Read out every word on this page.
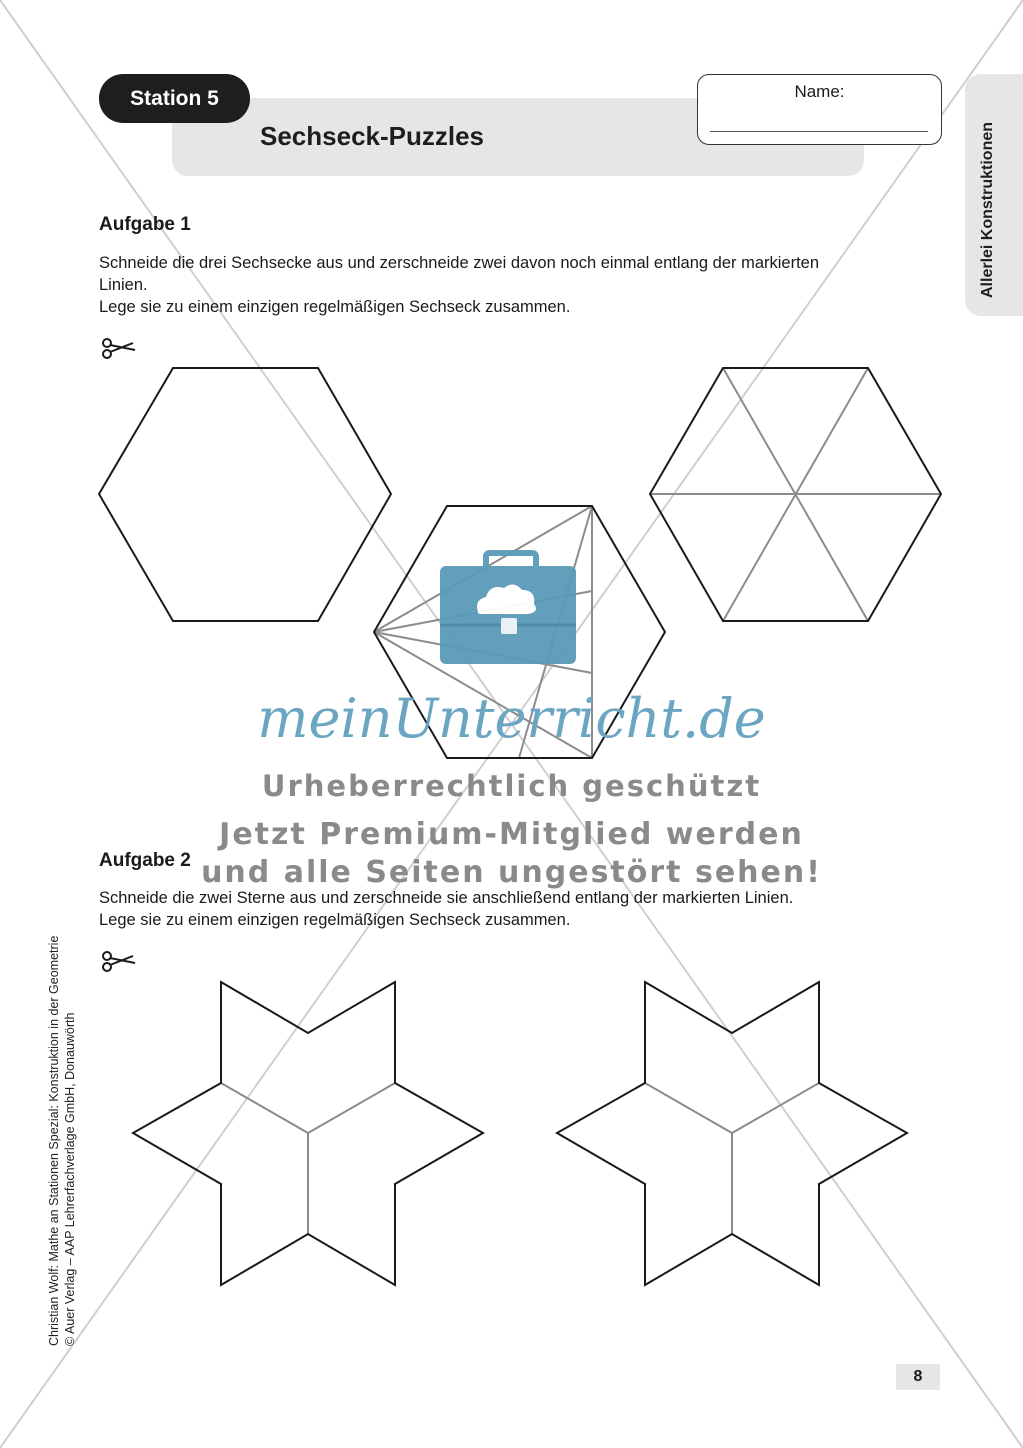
Station 5
Sechseck-Puzzles
Name:
Allerlei Konstruktionen
Aufgabe 1
Schneide die drei Sechsecke aus und zerschneide zwei davon noch einmal entlang der markierten
Linien.
Lege sie zu einem einzigen regelmäßigen Sechseck zusammen.
Aufgabe 2
Schneide die zwei Sterne aus und zerschneide sie anschließend entlang der markierten Linien.
Lege sie zu einem einzigen regelmäßigen Sechseck zusammen.
meinUnterricht.de
Urheberrechtlich geschützt
Jetzt Premium-Mitglied werden
und alle Seiten ungestört sehen!
Christian Wolf: Mathe an Stationen Spezial: Konstruktion in der Geometrie © Auer Verlag – AAP Lehrerfachverlage GmbH, Donauwörth
8
